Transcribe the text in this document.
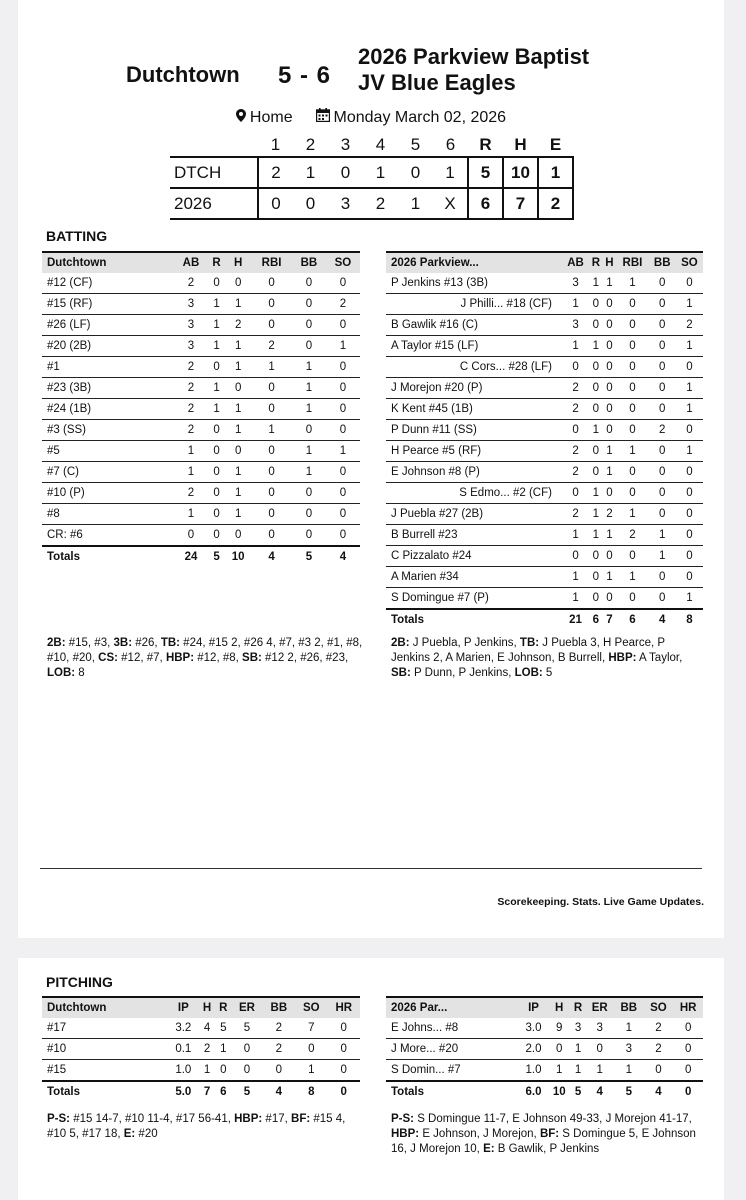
Dutchtown 5 - 6
2026 Parkview Baptist
JV Blue Eagles
Home	Monday March 02, 2026
	1	2	3	4	5	6	R	H	E
DTCH	2	1	0	1	0	1	5	10	1
2026	0	0	3	2	1	X	6	7	2
BATTING
Dutchtown	AB	R	H	RBI	BB	SO
#12 (CF)	2	0	0	0	0	0
#15 (RF)	3	1	1	0	0	2
#26 (LF)	3	1	2	0	0	0
#20 (2B)	3	1	1	2	0	1
#1	2	0	1	1	1	0
#23 (3B)	2	1	0	0	1	0
#24 (1B)	2	1	1	0	1	0
#3 (SS)	2	0	1	1	0	0
#5	1	0	0	0	1	1
#7 (C)	1	0	1	0	1	0
#10 (P)	2	0	1	0	0	0
#8	1	0	1	0	0	0
CR: #6	0	0	0	0	0	0
Totals	24	5	10	4	5	4
2026 Parkview...	AB	R	H	RBI	BB	SO
P Jenkins #13 (3B)	3	1	1	1	0	0
J Philli... #18 (CF)	1	0	0	0	0	1
B Gawlik #16 (C)	3	0	0	0	0	2
A Taylor #15 (LF)	1	1	0	0	0	1
C Cors... #28 (LF)	0	0	0	0	0	0
J Morejon #20 (P)	2	0	0	0	0	1
K Kent #45 (1B)	2	0	0	0	0	1
P Dunn #11 (SS)	0	1	0	0	2	0
H Pearce #5 (RF)	2	0	1	1	0	1
E Johnson #8 (P)	2	0	1	0	0	0
S Edmo... #2 (CF)	0	1	0	0	0	0
J Puebla #27 (2B)	2	1	2	1	0	0
B Burrell #23	1	1	1	2	1	0
C Pizzalato #24	0	0	0	0	1	0
A Marien #34	1	0	1	1	0	0
S Domingue #7 (P)	1	0	0	0	0	1
Totals	21	6	7	6	4	8
2B: #15, #3, 3B: #26, TB: #24, #15 2, #26 4, #7, #3 2, #1, #8, #10, #20, CS: #12, #7, HBP: #12, #8, SB: #12 2, #26, #23, LOB: 8
2B: J Puebla, P Jenkins, TB: J Puebla 3, H Pearce, P Jenkins 2, A Marien, E Johnson, B Burrell, HBP: A Taylor, SB: P Dunn, P Jenkins, LOB: 5
Scorekeeping. Stats. Live Game Updates.
PITCHING
Dutchtown	IP	H	R	ER	BB	SO	HR
#17	3.2	4	5	5	2	7	0
#10	0.1	2	1	0	2	0	0
#15	1.0	1	0	0	0	1	0
Totals	5.0	7	6	5	4	8	0
2026 Par...	IP	H	R	ER	BB	SO	HR
E Johns... #8	3.0	9	3	3	1	2	0
J More... #20	2.0	0	1	0	3	2	0
S Domin... #7	1.0	1	1	1	1	0	0
Totals	6.0	10	5	4	5	4	0
P-S: #15 14-7, #10 11-4, #17 56-41, HBP: #17, BF: #15 4, #10 5, #17 18, E: #20
P-S: S Domingue 11-7, E Johnson 49-33, J Morejon 41-17, HBP: E Johnson, J Morejon, BF: S Domingue 5, E Johnson 16, J Morejon 10, E: B Gawlik, P Jenkins
